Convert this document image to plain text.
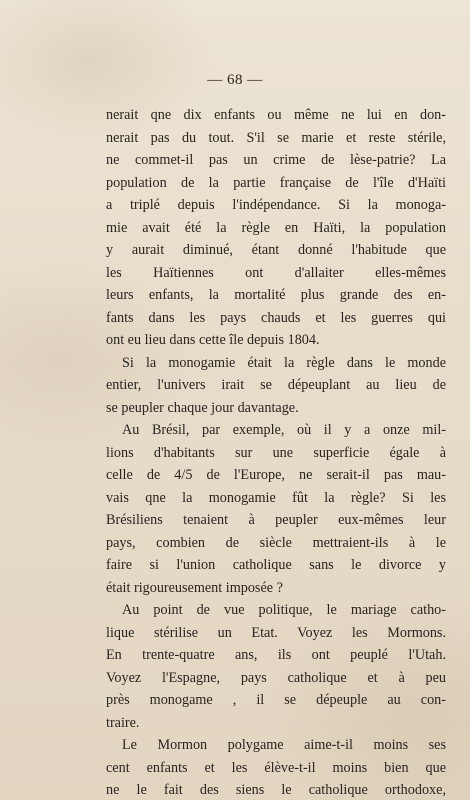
— 68 —
nerait qne dix enfants ou même ne lui en don-
nerait pas du tout. S'il se marie et reste stérile,
ne commet-il pas un crime de lèse-patrie? La
population de la partie française de l'île d'Haïti
a triplé depuis l'indépendance. Si la monoga-
mie avait été la règle en Haïti, la population
y aurait diminué, étant donné l'habitude que
les Haïtiennes ont d'allaiter elles-mêmes
leurs enfants, la mortalité plus grande des en-
fants dans les pays chauds et les guerres qui
ont eu lieu dans cette île depuis 1804.
Si la monogamie était la règle dans le monde
entier, l'univers irait se dépeuplant au lieu de
se peupler chaque jour davantage.
Au Brésil, par exemple, où il y a onze mil-
lions d'habitants sur une superficie égale à
celle de 4/5 de l'Europe, ne serait-il pas mau-
vais qne la monogamie fût la règle? Si les
Brésiliens tenaient à peupler eux-mêmes leur
pays, combien de siècle mettraient-ils à le
faire si l'union catholique sans le divorce y
était rigoureusement imposée ?
Au point de vue politique, le mariage catho-
lique stérilise un Etat. Voyez les Mormons.
En trente-quatre ans, ils ont peuplé l'Utah.
Voyez l'Espagne, pays catholique et à peu
près monogame , il se dépeuple au con-
traire.
Le Mormon polygame aime-t-il moins ses
cent enfants et les élève-t-il moins bien que
ne le fait des siens le catholique orthodoxe,
